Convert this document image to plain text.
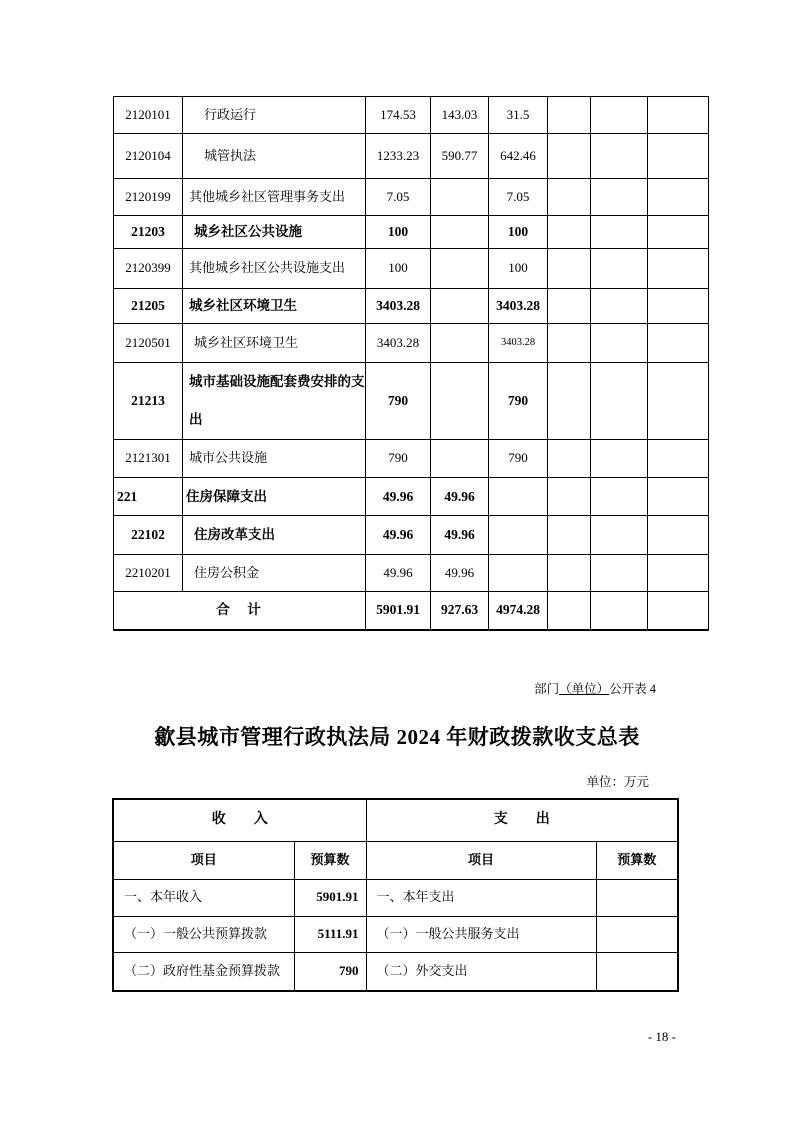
2120101	行政运行	174.53	143.03	31.5			
2120104	城管执法	1233.23	590.77	642.46			
2120199	其他城乡社区管理事务支出	7.05		7.05			
21203	城乡社区公共设施	100		100			
2120399	其他城乡社区公共设施支出	100		100			
21205	城乡社区环境卫生	3403.28		3403.28			
2120501	城乡社区环境卫生	3403.28		3403.28			
21213	城市基础设施配套费安排的支出	790		790			
2121301	城市公共设施	790		790			
221	住房保障支出	49.96	49.96				
22102	住房改革支出	49.96	49.96				
2210201	住房公积金	49.96	49.96				
合　计		5901.91	927.63	4974.28			
部门（单位）公开表 4
歙县城市管理行政执法局 2024 年财政拨款收支总表
单位：万元
收　　入		支　　出	
项目	预算数	项目	预算数
一、本年收入	5901.91	一、本年支出	
（一）一般公共预算拨款	5111.91	（一）一般公共服务支出	
（二）政府性基金预算拨款	790	（二）外交支出	
- 18 -
